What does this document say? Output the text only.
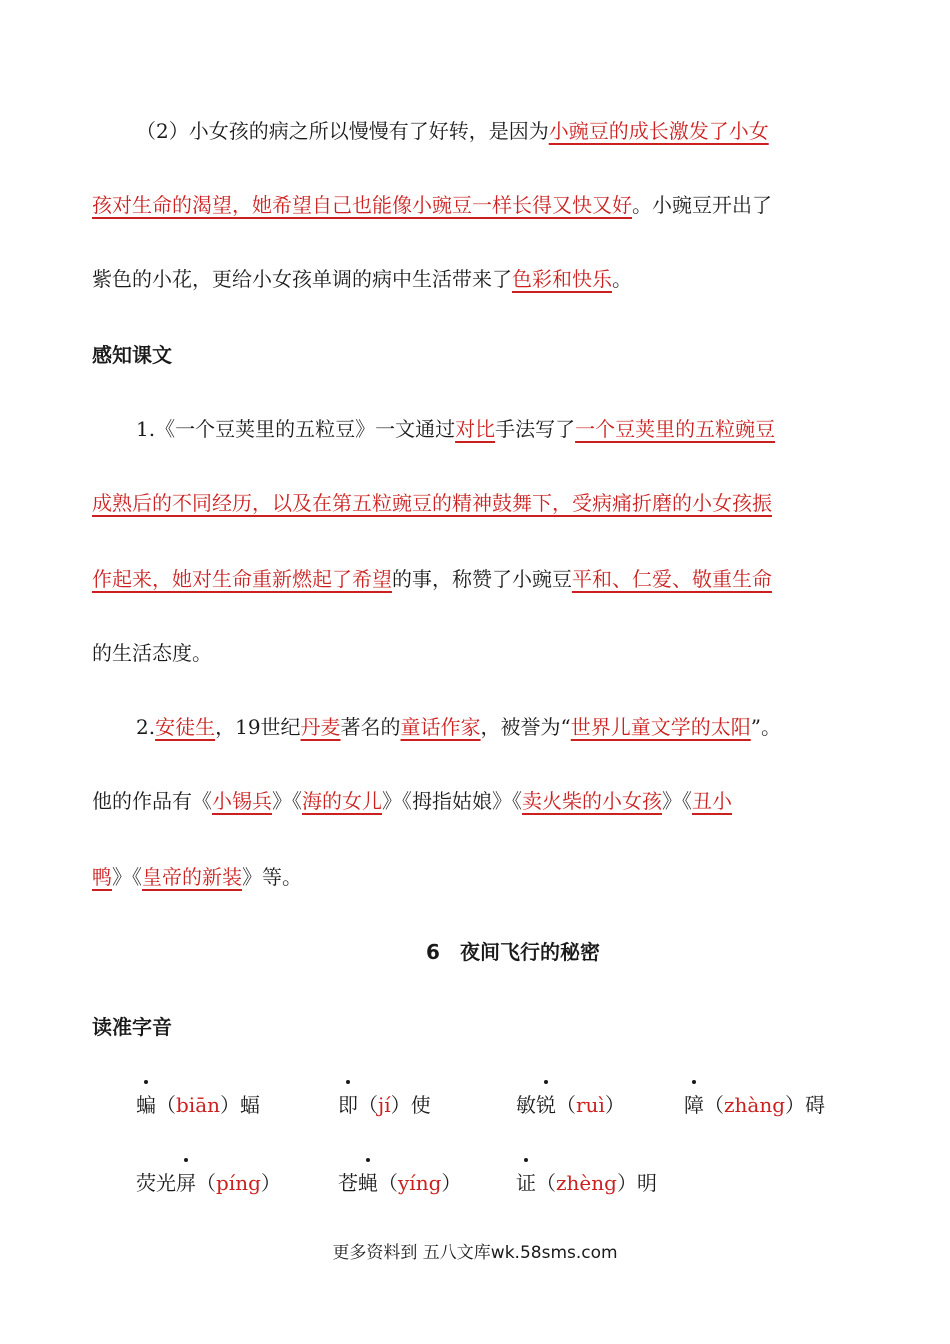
（2）小女孩的病之所以慢慢有了好转，是因为小豌豆的成长激发了小女
孩对生命的渴望，她希望自己也能像小豌豆一样长得又快又好。小豌豆开出了
紫色的小花，更给小女孩单调的病中生活带来了色彩和快乐。
感知课文
1.《一个豆荚里的五粒豆》一文通过对比手法写了一个豆荚里的五粒豌豆
成熟后的不同经历，以及在第五粒豌豆的精神鼓舞下，受病痛折磨的小女孩振
作起来，她对生命重新燃起了希望的事，称赞了小豌豆平和、仁爱、敬重生命
的生活态度。
2.安徒生，19世纪丹麦著名的童话作家，被誉为“世界儿童文学的太阳”。
他的作品有《小锡兵》《海的女儿》《拇指姑娘》《卖火柴的小女孩》《丑小
鸭》《皇帝的新装》等。
6　夜间飞行的秘密
读准字音
蝙（biān）蝠	即（jí）使	敏锐（ruì）	障（zhàng）碍
荧光屏（píng）	苍蝇（yíng）	证（zhèng）明
更多资料到 五八文库wk.58sms.com
